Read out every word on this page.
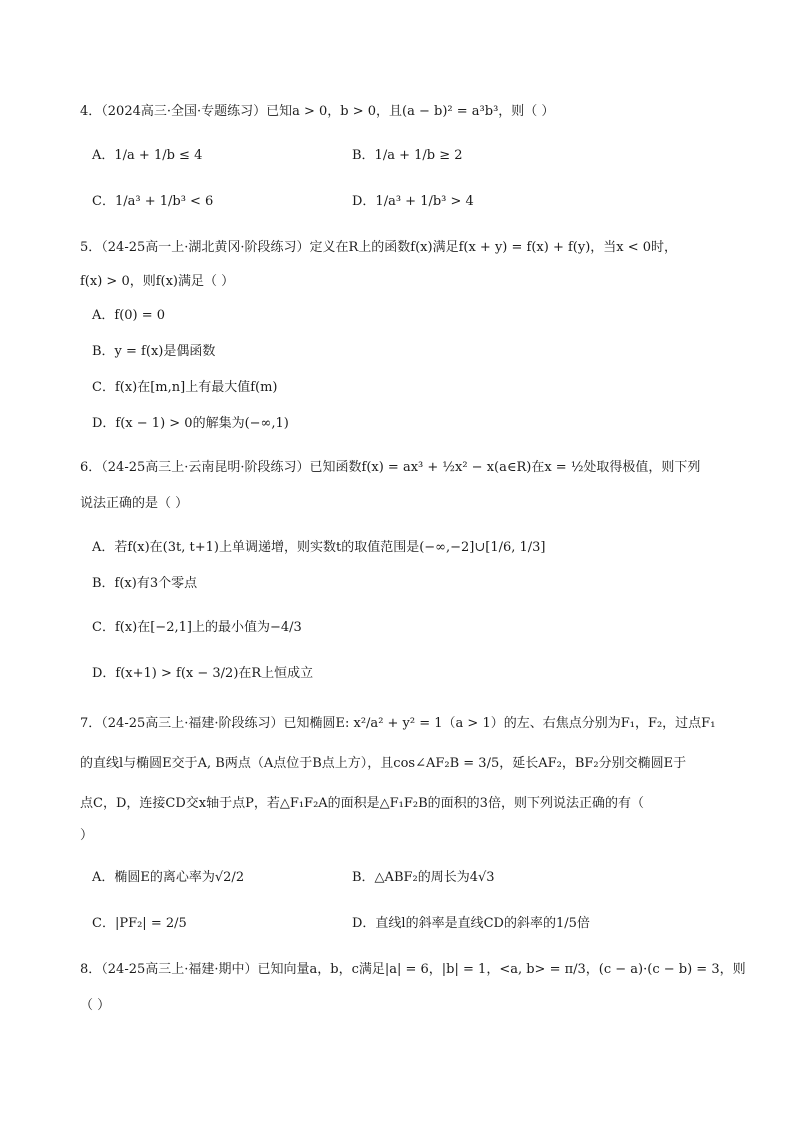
4．（2024高三·全国·专题练习）已知a > 0，b > 0，且(a − b)² = a³b³，则（ ）
A．1/a + 1/b ≤ 4	B．1/a + 1/b ≥ 2
C．1/a³ + 1/b³ < 6	D．1/a³ + 1/b³ > 4
5．（24-25高一上·湖北黄冈·阶段练习）定义在R上的函数f(x)满足f(x + y) = f(x) + f(y)，当x < 0时，
f(x) > 0，则f(x)满足（ ）
A．f(0) = 0
B．y = f(x)是偶函数
C．f(x)在[m,n]上有最大值f(m)
D．f(x − 1) > 0的解集为(−∞,1)
6．（24-25高三上·云南昆明·阶段练习）已知函数f(x) = ax³ + ½x² − x(a∈R)在x = ½处取得极值，则下列
说法正确的是（ ）
A．若f(x)在(3t, t+1)上单调递增，则实数t的取值范围是(−∞,−2]∪[1/6, 1/3]
B．f(x)有3个零点
C．f(x)在[−2,1]上的最小值为−4/3
D．f(x+1) > f(x − 3/2)在R上恒成立
7．（24-25高三上·福建·阶段练习）已知椭圆E: x²/a² + y² = 1（a > 1）的左、右焦点分别为F₁，F₂，过点F₁
的直线l与椭圆E交于A, B两点（A点位于B点上方），且cos∠AF₂B = 3/5，延长AF₂，BF₂分别交椭圆E于
点C，D，连接CD交x轴于点P，若△F₁F₂A的面积是△F₁F₂B的面积的3倍，则下列说法正确的有（
）
A．椭圆E的离心率为√2/2	B．△ABF₂的周长为4√3
C．|PF₂| = 2/5	D．直线l的斜率是直线CD的斜率的1/5倍
8．（24-25高三上·福建·期中）已知向量a，b，c满足|a| = 6，|b| = 1，<a, b> = π/3，(c − a)·(c − b) = 3，则
（ ）
